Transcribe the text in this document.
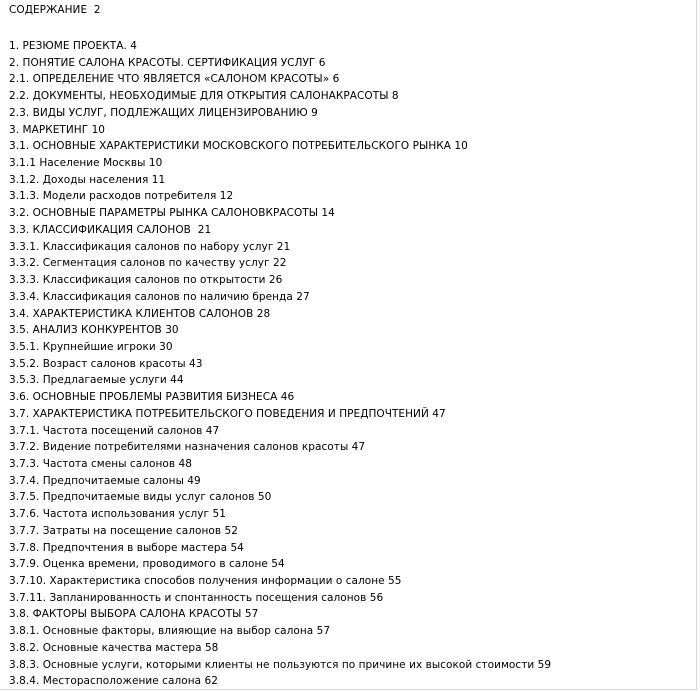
СОДЕРЖАНИЕ  2
1. РЕЗЮМЕ ПРОЕКТА. 4
2. ПОНЯТИЕ САЛОНА КРАСОТЫ. СЕРТИФИКАЦИЯ УСЛУГ 6
2.1. ОПРЕДЕЛЕНИЕ ЧТО ЯВЛЯЕТСЯ «САЛОНОМ КРАСОТЫ» 6
2.2. ДОКУМЕНТЫ, НЕОБХОДИМЫЕ ДЛЯ ОТКРЫТИЯ САЛОНАКРАСОТЫ 8
2.3. ВИДЫ УСЛУГ, ПОДЛЕЖАЩИХ ЛИЦЕНЗИРОВАНИЮ 9
3. МАРКЕТИНГ 10
3.1. ОСНОВНЫЕ ХАРАКТЕРИСТИКИ МОСКОВСКОГО ПОТРЕБИТЕЛЬСКОГО РЫНКА 10
3.1.1 Население Москвы 10
3.1.2. Доходы населения 11
3.1.3. Модели расходов потребителя 12
3.2. ОСНОВНЫЕ ПАРАМЕТРЫ РЫНКА САЛОНОВКРАСОТЫ 14
3.3. КЛАССИФИКАЦИЯ САЛОНОВ  21
3.3.1. Классификация салонов по набору услуг 21
3.3.2. Сегментация салонов по качеству услуг 22
3.3.3. Классификация салонов по открытости 26
3.3.4. Классификация салонов по наличию бренда 27
3.4. ХАРАКТЕРИСТИКА КЛИЕНТОВ САЛОНОВ 28
3.5. АНАЛИЗ КОНКУРЕНТОВ 30
3.5.1. Крупнейшие игроки 30
3.5.2. Возраст салонов красоты 43
3.5.3. Предлагаемые услуги 44
3.6. ОСНОВНЫЕ ПРОБЛЕМЫ РАЗВИТИЯ БИЗНЕСА 46
3.7. ХАРАКТЕРИСТИКА ПОТРЕБИТЕЛЬСКОГО ПОВЕДЕНИЯ И ПРЕДПОЧТЕНИЙ 47
3.7.1. Частота посещений салонов 47
3.7.2. Видение потребителями назначения салонов красоты 47
3.7.3. Частота смены салонов 48
3.7.4. Предпочитаемые салоны 49
3.7.5. Предпочитаемые виды услуг салонов 50
3.7.6. Частота использования услуг 51
3.7.7. Затраты на посещение салонов 52
3.7.8. Предпочтения в выборе мастера 54
3.7.9. Оценка времени, проводимого в салоне 54
3.7.10. Характеристика способов получения информации о салоне 55
3.7.11. Запланированность и спонтанность посещения салонов 56
3.8. ФАКТОРЫ ВЫБОРА САЛОНА КРАСОТЫ 57
3.8.1. Основные факторы, влияющие на выбор салона 57
3.8.2. Основные качества мастера 58
3.8.3. Основные услуги, которыми клиенты не пользуются по причине их высокой стоимости 59
3.8.4. Месторасположение салона 62
